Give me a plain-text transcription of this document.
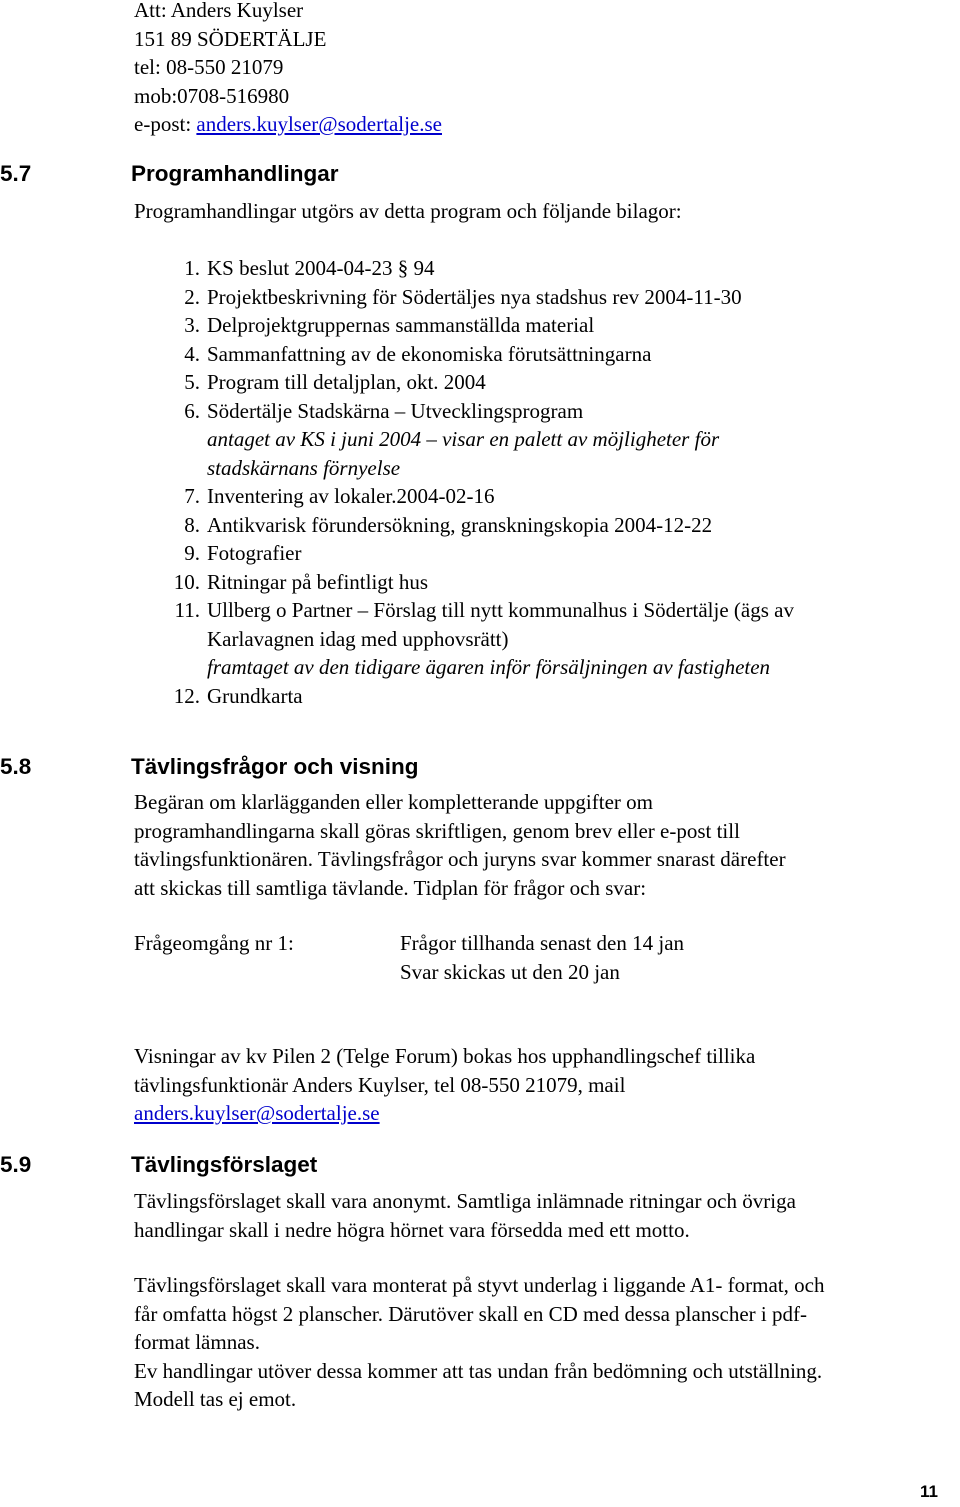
Att: Anders Kuylser
151 89 SÖDERTÄLJE
tel: 08-550 21079
mob:0708-516980
e-post: anders.kuylser@sodertalje.se
5.7	Programhandlingar
Programhandlingar utgörs av detta program och följande bilagor:
1. KS beslut 2004-04-23 § 94
2. Projektbeskrivning för Södertäljes nya stadshus rev 2004-11-30
3. Delprojektgruppernas sammanställda material
4. Sammanfattning av de ekonomiska förutsättningarna
5. Program till detaljplan, okt. 2004
6. Södertälje Stadskärna – Utvecklingsprogram
antaget av KS i juni 2004 – visar en palett av möjligheter för
stadskärnans förnyelse
7. Inventering av lokaler.2004-02-16
8. Antikvarisk förundersökning, granskningskopia 2004-12-22
9. Fotografier
10. Ritningar på befintligt hus
11. Ullberg o Partner – Förslag till nytt kommunalhus i Södertälje (ägs av
Karlavagnen idag med upphovsrätt)
framtaget av den tidigare ägaren inför försäljningen av fastigheten
12. Grundkarta
5.8	Tävlingsfrågor och visning
Begäran om klarlägganden eller kompletterande uppgifter om
programhandlingarna skall göras skriftligen, genom brev eller e-post till
tävlingsfunktionären. Tävlingsfrågor och juryns svar kommer snarast därefter
att skickas till samtliga tävlande. Tidplan för frågor och svar:
Frågeomgång nr 1:	Frågor tillhanda senast den 14 jan
Svar skickas ut den 20 jan
Visningar av kv Pilen 2 (Telge Forum) bokas hos upphandlingschef tillika
tävlingsfunktionär Anders Kuylser, tel 08-550 21079, mail
anders.kuylser@sodertalje.se
5.9	Tävlingsförslaget
Tävlingsförslaget skall vara anonymt. Samtliga inlämnade ritningar och övriga
handlingar skall i nedre högra hörnet vara försedda med ett motto.
Tävlingsförslaget skall vara monterat på styvt underlag i liggande A1- format, och
får omfatta högst 2 planscher. Därutöver skall en CD med dessa planscher i pdf-
format lämnas.
Ev handlingar utöver dessa kommer att tas undan från bedömning och utställning.
Modell tas ej emot.
11
